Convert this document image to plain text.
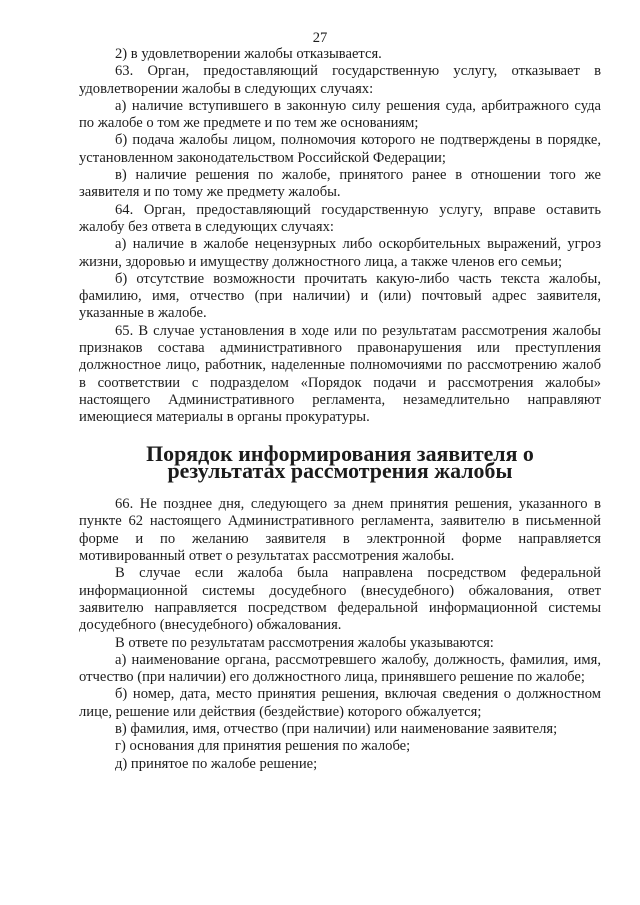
27

2) в удовлетворении жалобы отказывается.

63. Орган, предоставляющий государственную услугу, отказывает в удовлетворении жалобы в следующих случаях:

а) наличие вступившего в законную силу решения суда, арбитражного суда по жалобе о том же предмете и по тем же основаниям;

б) подача жалобы лицом, полномочия которого не подтверждены в порядке, установленном законодательством Российской Федерации;

в) наличие решения по жалобе, принятого ранее в отношении того же заявителя и по тому же предмету жалобы.

64. Орган, предоставляющий государственную услугу, вправе оставить жалобу без ответа в следующих случаях:

а) наличие в жалобе нецензурных либо оскорбительных выражений, угроз жизни, здоровью и имуществу должностного лица, а также членов его семьи;

б) отсутствие возможности прочитать какую-либо часть текста жалобы, фамилию, имя, отчество (при наличии) и (или) почтовый адрес заявителя, указанные в жалобе.

65. В случае установления в ходе или по результатам рассмотрения жалобы признаков состава административного правонарушения или преступления должностное лицо, работник, наделенные полномочиями по рассмотрению жалоб в соответствии с подразделом «Порядок подачи и рассмотрения жалобы» настоящего Административного регламента, незамедлительно направляют имеющиеся материалы в органы прокуратуры.

Порядок информирования заявителя о результатах рассмотрения жалобы

66. Не позднее дня, следующего за днем принятия решения, указанного в пункте 62 настоящего Административного регламента, заявителю в письменной форме и по желанию заявителя в электронной форме направляется мотивированный ответ о результатах рассмотрения жалобы.

В случае если жалоба была направлена посредством федеральной информационной системы досудебного (внесудебного) обжалования, ответ заявителю направляется посредством федеральной информационной системы досудебного (внесудебного) обжалования.

В ответе по результатам рассмотрения жалобы указываются:

а) наименование органа, рассмотревшего жалобу, должность, фамилия, имя, отчество (при наличии) его должностного лица, принявшего решение по жалобе;

б) номер, дата, место принятия решения, включая сведения о должностном лице, решение или действия (бездействие) которого обжалуется;

в) фамилия, имя, отчество (при наличии) или наименование заявителя;

г) основания для принятия решения по жалобе;

д) принятое по жалобе решение;
